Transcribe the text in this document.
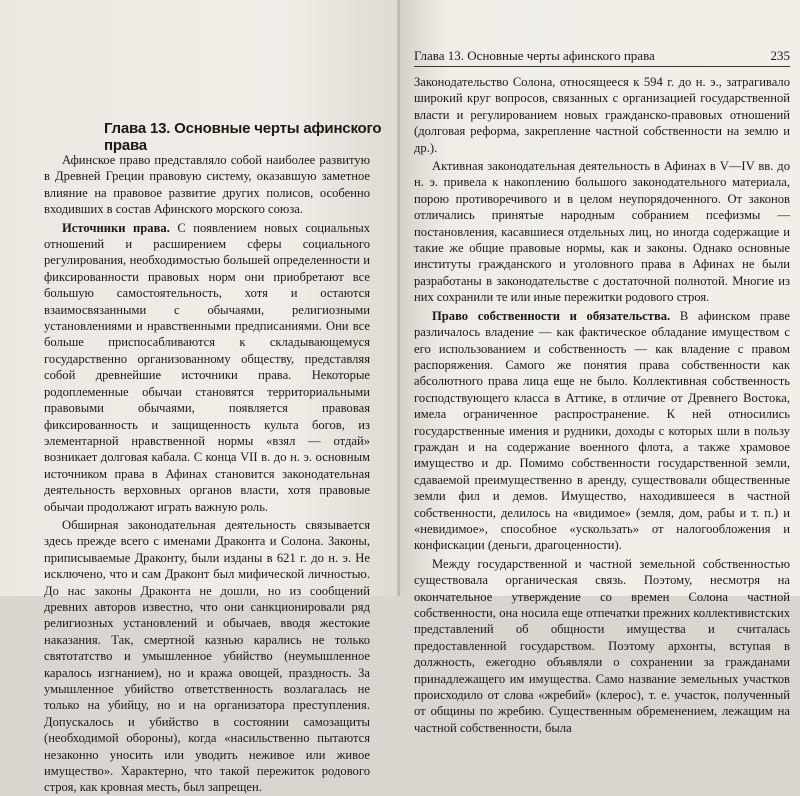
Глава 13. Основные черты афинского права

Афинское право представляло собой наиболее развитую в Древней Греции правовую систему, оказавшую заметное влияние на правовое развитие других полисов, особенно входивших в состав Афинского морского союза.

Источники права. С появлением новых социальных отношений и расширением сферы социального регулирования, необходимостью большей определенности и фиксированности правовых норм они приобретают все большую самостоятельность, хотя и остаются взаимосвязанными с обычаями, религиозными установлениями и нравственными предписаниями. Они все больше приспосабливаются к складывающемуся государственно организованному обществу, представляя собой древнейшие источники права. Некоторые родоплеменные обычаи становятся территориальными правовыми обычаями, появляется правовая фиксированность и защищенность культа богов, из элементарной нравственной нормы «взял — отдай» возникает долговая кабала. С конца VII в. до н. э. основным источником права в Афинах становится законодательная деятельность верховных органов власти, хотя правовые обычаи продолжают играть важную роль.

Обширная законодательная деятельность связывается здесь прежде всего с именами Драконта и Солона. Законы, приписываемые Драконту, были изданы в 621 г. до н. э. Не исключено, что и сам Драконт был мифической личностью. До нас законы Драконта не дошли, но из сообщений древних авторов известно, что они санкционировали ряд религиозных установлений и обычаев, вводя жестокие наказания. Так, смертной казнью карались не только святотатство и умышленное убийство (неумышленное каралось изгнанием), но и кража овощей, праздность. За умышленное убийство ответственность возлагалась не только на убийцу, но и на организатора преступления. Допускалось и убийство в состоянии самозащиты (необходимой обороны), когда «насильственно пытаются незаконно уносить или уводить неживое или живое имущество». Характерно, что такой пережиток родового строя, как кровная месть, был запрещен.

Глава 13. Основные черты афинского права	235

Законодательство Солона, относящееся к 594 г. до н. э., затрагивало широкий круг вопросов, связанных с организацией государственной власти и регулированием новых гражданско-правовых отношений (долговая реформа, закрепление частной собственности на землю и др.).

Активная законодательная деятельность в Афинах в V—IV вв. до н. э. привела к накоплению большого законодательного материала, порою противоречивого и в целом неупорядоченного. От законов отличались принятые народным собранием псефизмы — постановления, касавшиеся отдельных лиц, но иногда содержащие и такие же общие правовые нормы, как и законы. Однако основные институты гражданского и уголовного права в Афинах не были разработаны в законодательстве с достаточной полнотой. Многие из них сохранили те или иные пережитки родового строя.

Право собственности и обязательства. В афинском праве различалось владение — как фактическое обладание имуществом с его использованием и собственность — как владение с правом распоряжения. Самого же понятия права собственности как абсолютного права лица еще не было. Коллективная собственность господствующего класса в Аттике, в отличие от Древнего Востока, имела ограниченное распространение. К ней относились государственные имения и рудники, доходы с которых шли в пользу граждан и на содержание военного флота, а также храмовое имущество и др. Помимо собственности государственной земли, сдаваемой преимущественно в аренду, существовали общественные земли фил и демов. Имущество, находившееся в частной собственности, делилось на «видимое» (земля, дом, рабы и т. п.) и «невидимое», способное «ускользать» от налогообложения и конфискации (деньги, драгоценности).

Между государственной и частной земельной собственностью существовала органическая связь. Поэтому, несмотря на окончательное утверждение со времен Солона частной собственности, она носила еще отпечатки прежних коллективистских представлений об общности имущества и считалась предоставленной государством. Поэтому архонты, вступая в должность, ежегодно объявляли о сохранении за гражданами принадлежащего им имущества. Само название земельных участков происходило от слова «жребий» (клерос), т. е. участок, полученный от общины по жребию. Существенным обременением, лежащим на частной собственности, была
